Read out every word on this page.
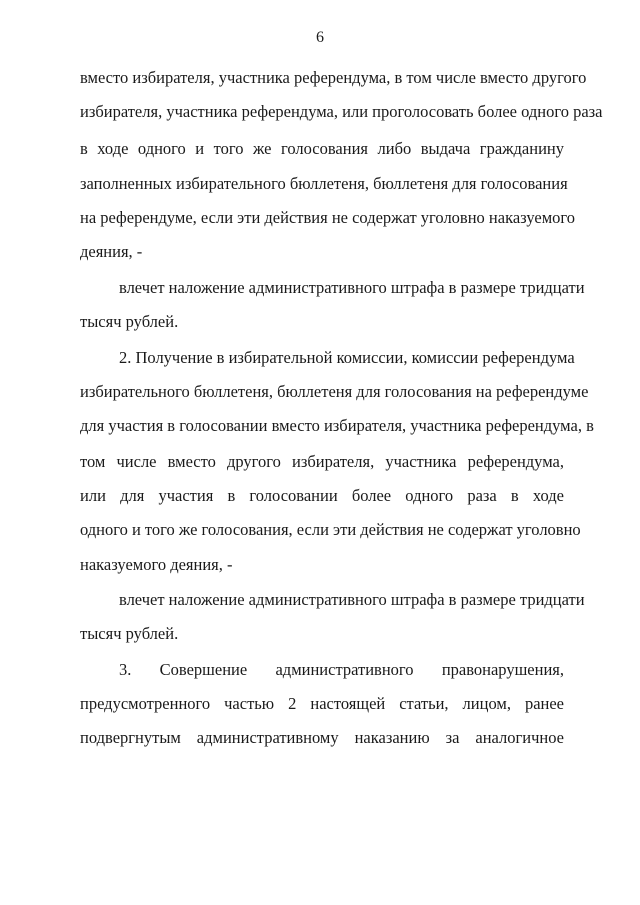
6
вместо избирателя, участника референдума, в том числе вместо другого
избирателя, участника референдума, или проголосовать более одного раза
в ходе одного и того же голосования либо выдача гражданину
заполненных избирательного бюллетеня, бюллетеня для голосования
на референдуме, если эти действия не содержат уголовно наказуемого
деяния, -
влечет наложение административного штрафа в размере тридцати
тысяч рублей.
2. Получение в избирательной комиссии, комиссии референдума
избирательного бюллетеня, бюллетеня для голосования на референдуме
для участия в голосовании вместо избирателя, участника референдума, в
том числе вместо другого избирателя, участника референдума,
или для участия в голосовании более одного раза в ходе
одного и того же голосования, если эти действия не содержат уголовно
наказуемого деяния, -
влечет наложение административного штрафа в размере тридцати
тысяч рублей.
3. Совершение административного правонарушения,
предусмотренного частью 2 настоящей статьи, лицом, ранее
подвергнутым административному наказанию за аналогичное
